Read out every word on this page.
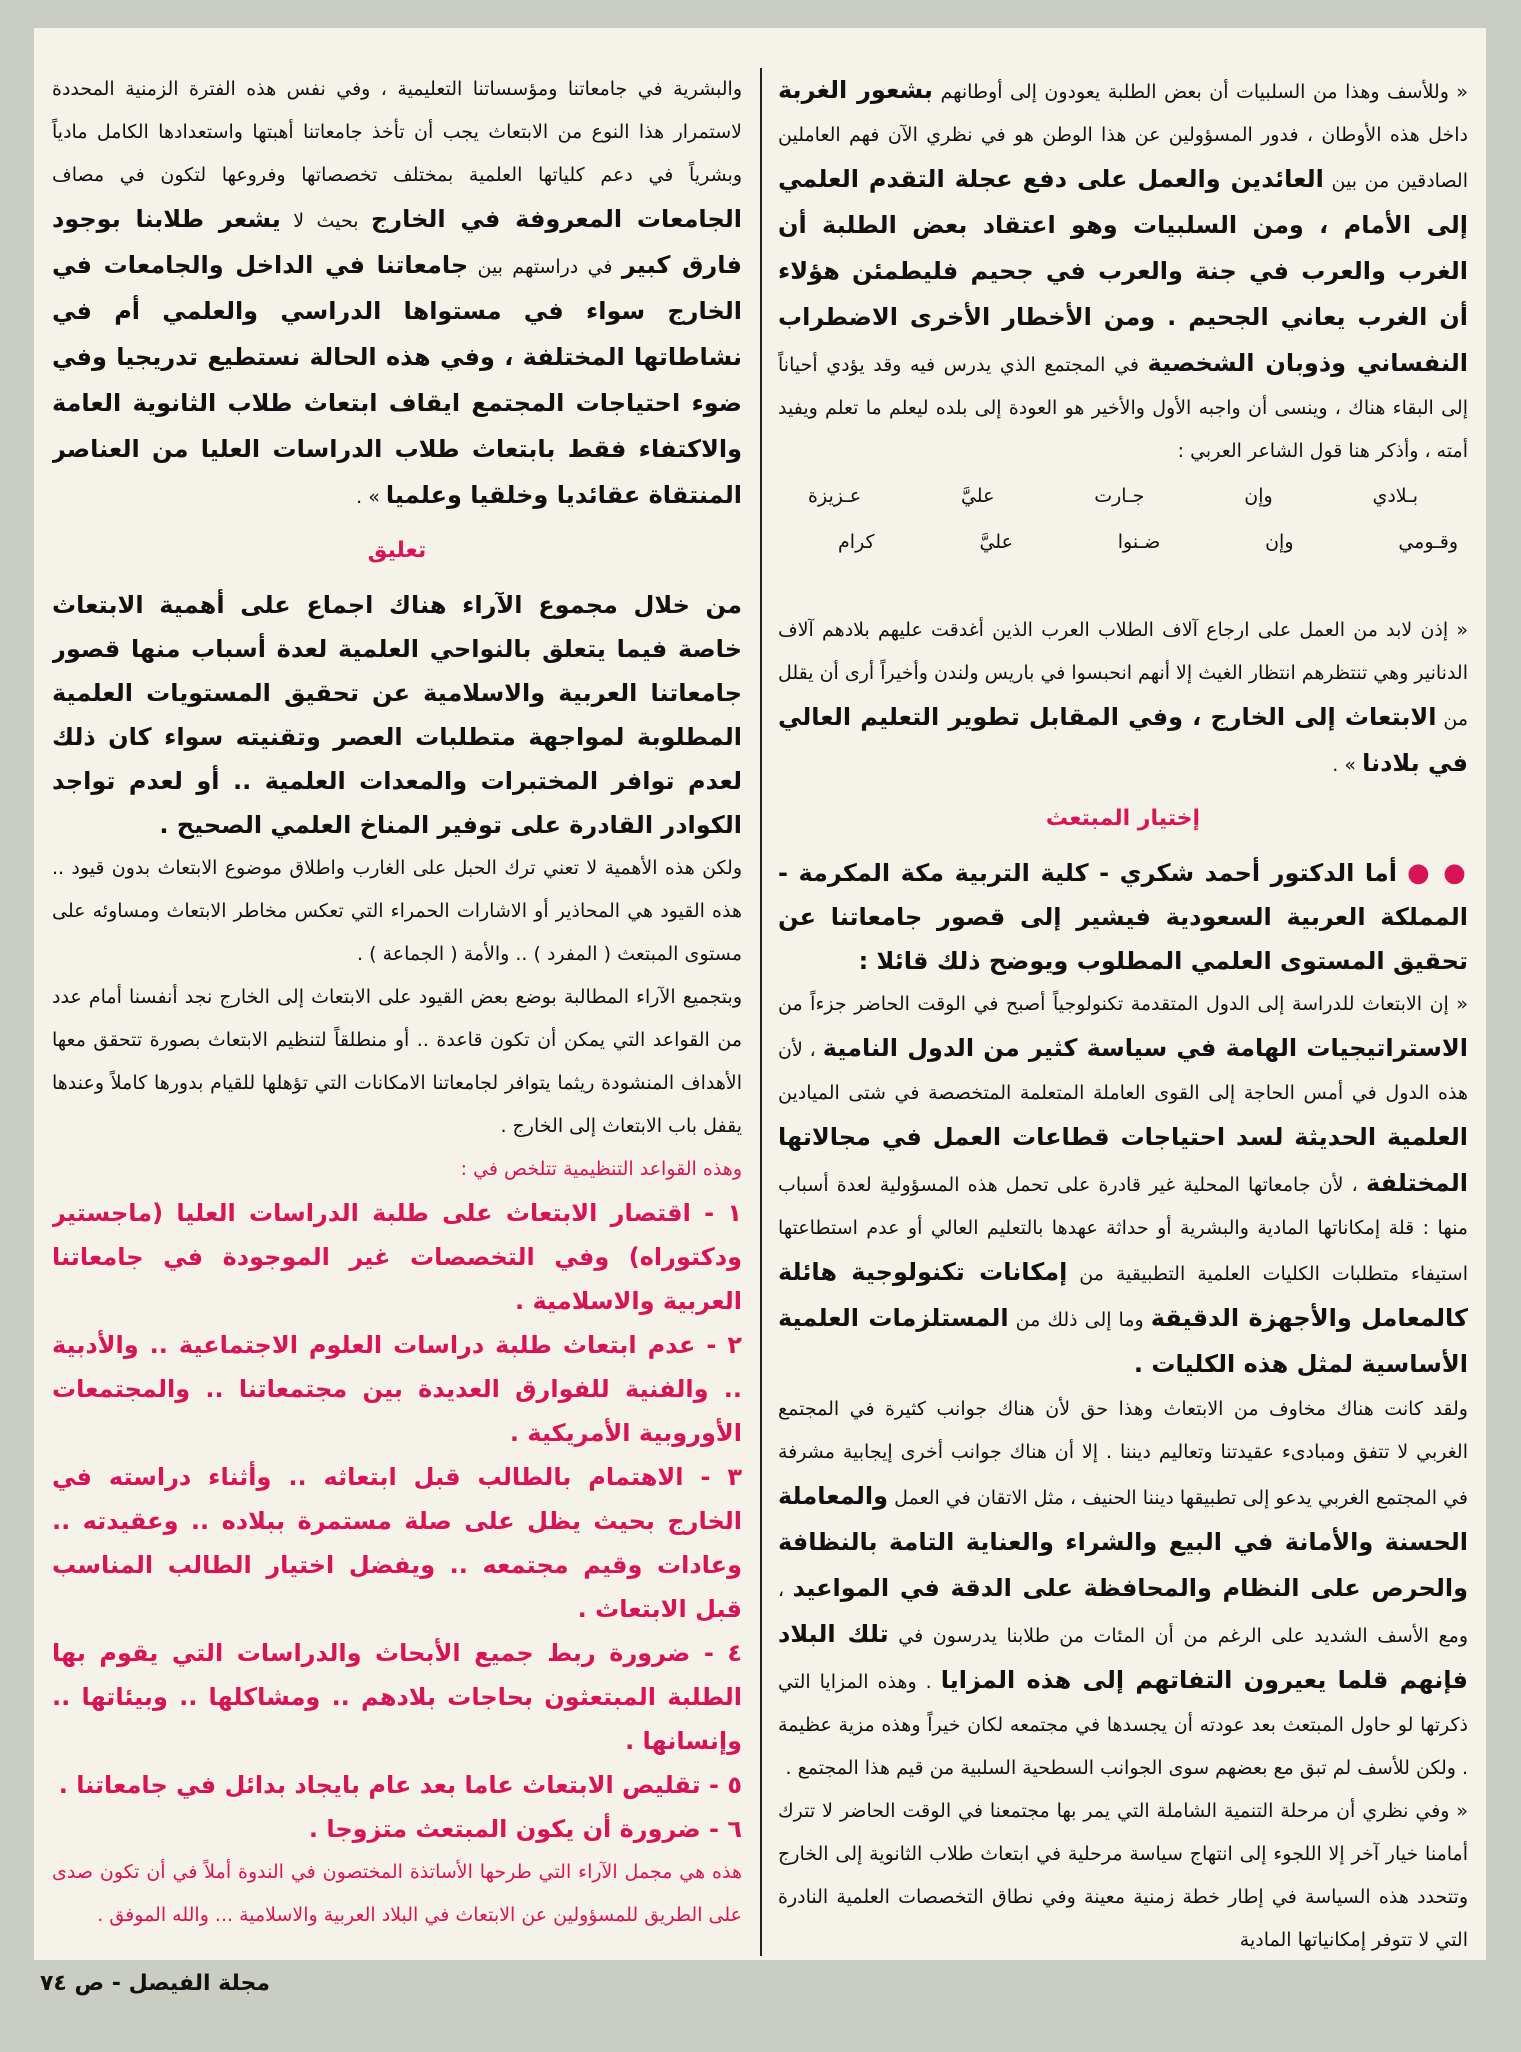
« وللأسف وهذا من السلبيات أن بعض الطلبة يعودون إلى أوطانهم بشعور الغربة داخل هذه الأوطان ، فدور المسؤولين عن هذا الوطن هو في نظري الآن فهم العاملين الصادقين من بين العائدين والعمل على دفع عجلة التقدم العلمي إلى الأمام ، ومن السلبيات وهو اعتقاد بعض الطلبة أن الغرب والعرب في جنة والعرب في جحيم فليطمئن هؤلاء أن الغرب يعاني الجحيم . ومن الأخطار الأخرى الاضطراب النفساني وذوبان الشخصية في المجتمع الذي يدرس فيه وقد يؤدي أحياناً إلى البقاء هناك ، وينسى أن واجبه الأول والأخير هو العودة إلى بلده ليعلم ما تعلم ويفيد أمته ، وأذكر هنا قول الشاعر العربي :

بـلادي
وإن
جـارت
عليَّ
عـزيزة
وقـومي
وإن
ضـنوا
عليَّ
كرام

« إذن لابد من العمل على ارجاع آلاف الطلاب العرب الذين أغدقت عليهم بلادهم آلاف الدنانير وهي تنتظرهم انتظار الغيث إلا أنهم انحبسوا في باريس ولندن وأخيراً أرى أن يقلل من الابتعاث إلى الخارج ، وفي المقابل تطوير التعليم العالي في بلادنا » .

إختيار المبتعث

● ●أما الدكتور أحمد شكري - كلية التربية مكة المكرمة - المملكة العربية السعودية فيشير إلى قصور جامعاتنا عن تحقيق المستوى العلمي المطلوب ويوضح ذلك قائلا :

« إن الابتعاث للدراسة إلى الدول المتقدمة تكنولوجياً أصبح في الوقت الحاضر جزءاً من الاستراتيجيات الهامة في سياسة كثير من الدول النامية ، لأن هذه الدول في أمس الحاجة إلى القوى العاملة المتعلمة المتخصصة في شتى الميادين العلمية الحديثة لسد احتياجات قطاعات العمل في مجالاتها المختلفة ، لأن جامعاتها المحلية غير قادرة على تحمل هذه المسؤولية لعدة أسباب منها : قلة إمكاناتها المادية والبشرية أو حداثة عهدها بالتعليم العالي أو عدم استطاعتها استيفاء متطلبات الكليات العلمية التطبيقية من إمكانات تكنولوجية هائلة كالمعامل والأجهزة الدقيقة وما إلى ذلك من المستلزمات العلمية الأساسية لمثل هذه الكليات .

ولقد كانت هناك مخاوف من الابتعاث وهذا حق لأن هناك جوانب كثيرة في المجتمع الغربي لا تتفق ومبادىء عقيدتنا وتعاليم ديننا . إلا أن هناك جوانب أخرى إيجابية مشرفة في المجتمع الغربي يدعو إلى تطبيقها ديننا الحنيف ، مثل الاتقان في العمل والمعاملة الحسنة والأمانة في البيع والشراء والعناية التامة بالنظافة والحرص على النظام والمحافظة على الدقة في المواعيد ، ومع الأسف الشديد على الرغم من أن المئات من طلابنا يدرسون في تلك البلاد فإنهم قلما يعيرون التفاتهم إلى هذه المزايا . وهذه المزايا التي ذكرتها لو حاول المبتعث بعد عودته أن يجسدها في مجتمعه لكان خيراً وهذه مزية عظيمة . ولكن للأسف لم تبق مع بعضهم سوى الجوانب السطحية السلبية من قيم هذا المجتمع .

« وفي نظري أن مرحلة التنمية الشاملة التي يمر بها مجتمعنا في الوقت الحاضر لا تترك أمامنا خيار آخر إلا اللجوء إلى انتهاج سياسة مرحلية في ابتعاث طلاب الثانوية إلى الخارج وتتحدد هذه السياسة في إطار خطة زمنية معينة وفي نطاق التخصصات العلمية النادرة التي لا تتوفر إمكانياتها المادية

والبشرية في جامعاتنا ومؤسساتنا التعليمية ، وفي نفس هذه الفترة الزمنية المحددة لاستمرار هذا النوع من الابتعاث يجب أن تأخذ جامعاتنا أهبتها واستعدادها الكامل مادياً وبشرياً في دعم كلياتها العلمية بمختلف تخصصاتها وفروعها لتكون في مصاف الجامعات المعروفة في الخارج بحيث لا يشعر طلابنا بوجود فارق كبير في دراستهم بين جامعاتنا في الداخل والجامعات في الخارج سواء في مستواها الدراسي والعلمي أم في نشاطاتها المختلفة ، وفي هذه الحالة نستطيع تدريجيا وفي ضوء احتياجات المجتمع ايقاف ابتعاث طلاب الثانوية العامة والاكتفاء فقط بابتعاث طلاب الدراسات العليا من العناصر المنتقاة عقائديا وخلقيا وعلميا » .

تعليق

من خلال مجموع الآراء هناك اجماع على أهمية الابتعاث خاصة فيما يتعلق بالنواحي العلمية لعدة أسباب منها قصور جامعاتنا العربية والاسلامية عن تحقيق المستويات العلمية المطلوبة لمواجهة متطلبات العصر وتقنيته سواء كان ذلك لعدم توافر المختبرات والمعدات العلمية .. أو لعدم تواجد الكوادر القادرة على توفير المناخ العلمي الصحيح .

ولكن هذه الأهمية لا تعني ترك الحبل على الغارب واطلاق موضوع الابتعاث بدون قيود .. هذه القيود هي المحاذير أو الاشارات الحمراء التي تعكس مخاطر الابتعاث ومساوئه على مستوى المبتعث ( المفرد ) .. والأمة ( الجماعة ) .

وبتجميع الآراء المطالبة بوضع بعض القيود على الابتعاث إلى الخارج نجد أنفسنا أمام عدد من القواعد التي يمكن أن تكون قاعدة .. أو منطلقاً لتنظيم الابتعاث بصورة تتحقق معها الأهداف المنشودة ريثما يتوافر لجامعاتنا الامكانات التي تؤهلها للقيام بدورها كاملاً وعندها يقفل باب الابتعاث إلى الخارج .

وهذه القواعد التنظيمية تتلخص في :

١ - اقتصار الابتعاث على طلبة الدراسات العليا (ماجستير ودكتوراه) وفي التخصصات غير الموجودة في جامعاتنا العربية والاسلامية .

٢ - عدم ابتعاث طلبة دراسات العلوم الاجتماعية .. والأدبية .. والفنية للفوارق العديدة بين مجتمعاتنا .. والمجتمعات الأوروبية الأمريكية .

٣ - الاهتمام بالطالب قبل ابتعاثه .. وأثناء دراسته في الخارج بحيث يظل على صلة مستمرة ببلاده .. وعقيدته .. وعادات وقيم مجتمعه .. ويفضل اختيار الطالب المناسب قبل الابتعاث .

٤ - ضرورة ربط جميع الأبحاث والدراسات التي يقوم بها الطلبة المبتعثون بحاجات بلادهم .. ومشاكلها .. وبيئاتها .. وإنسانها .

٥ - تقليص الابتعاث عاما بعد عام بايجاد بدائل في جامعاتنا .

٦ - ضرورة أن يكون المبتعث متزوجا .

هذه هي مجمل الآراء التي طرحها الأساتذة المختصون في الندوة أملاً في أن تكون صدى على الطريق للمسؤولين عن الابتعاث في البلاد العربية والاسلامية ... والله الموفق .

مجلة الفيصل - ص ٧٤
